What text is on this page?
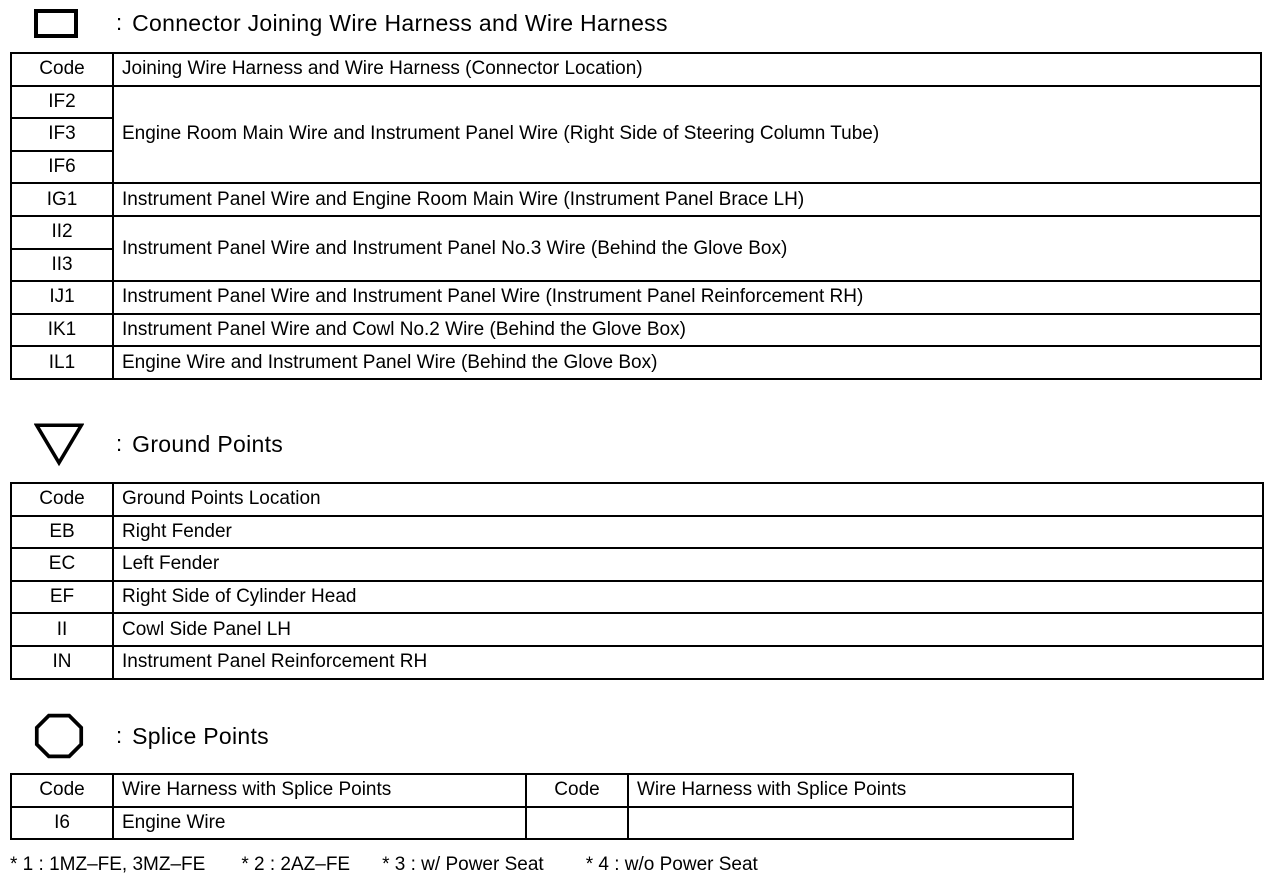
: Connector Joining Wire Harness and Wire Harness
Code	Joining Wire Harness and Wire Harness (Connector Location)
IF2	Engine Room Main Wire and Instrument Panel Wire (Right Side of Steering Column Tube)
IF3	
IF6	
IG1	Instrument Panel Wire and Engine Room Main Wire (Instrument Panel Brace LH)
II2	Instrument Panel Wire and Instrument Panel No.3 Wire (Behind the Glove Box)
II3	
IJ1	Instrument Panel Wire and Instrument Panel Wire (Instrument Panel Reinforcement RH)
IK1	Instrument Panel Wire and Cowl No.2 Wire (Behind the Glove Box)
IL1	Engine Wire and Instrument Panel Wire (Behind the Glove Box)
: Ground Points
Code	Ground Points Location
EB	Right Fender
EC	Left Fender
EF	Right Side of Cylinder Head
II	Cowl Side Panel LH
IN	Instrument Panel Reinforcement RH
: Splice Points
Code	Wire Harness with Splice Points	Code	Wire Harness with Splice Points
I6	Engine Wire		
* 1 : 1MZ–FE, 3MZ–FE * 2 : 2AZ–FE * 3 : w/ Power Seat * 4 : w/o Power Seat
